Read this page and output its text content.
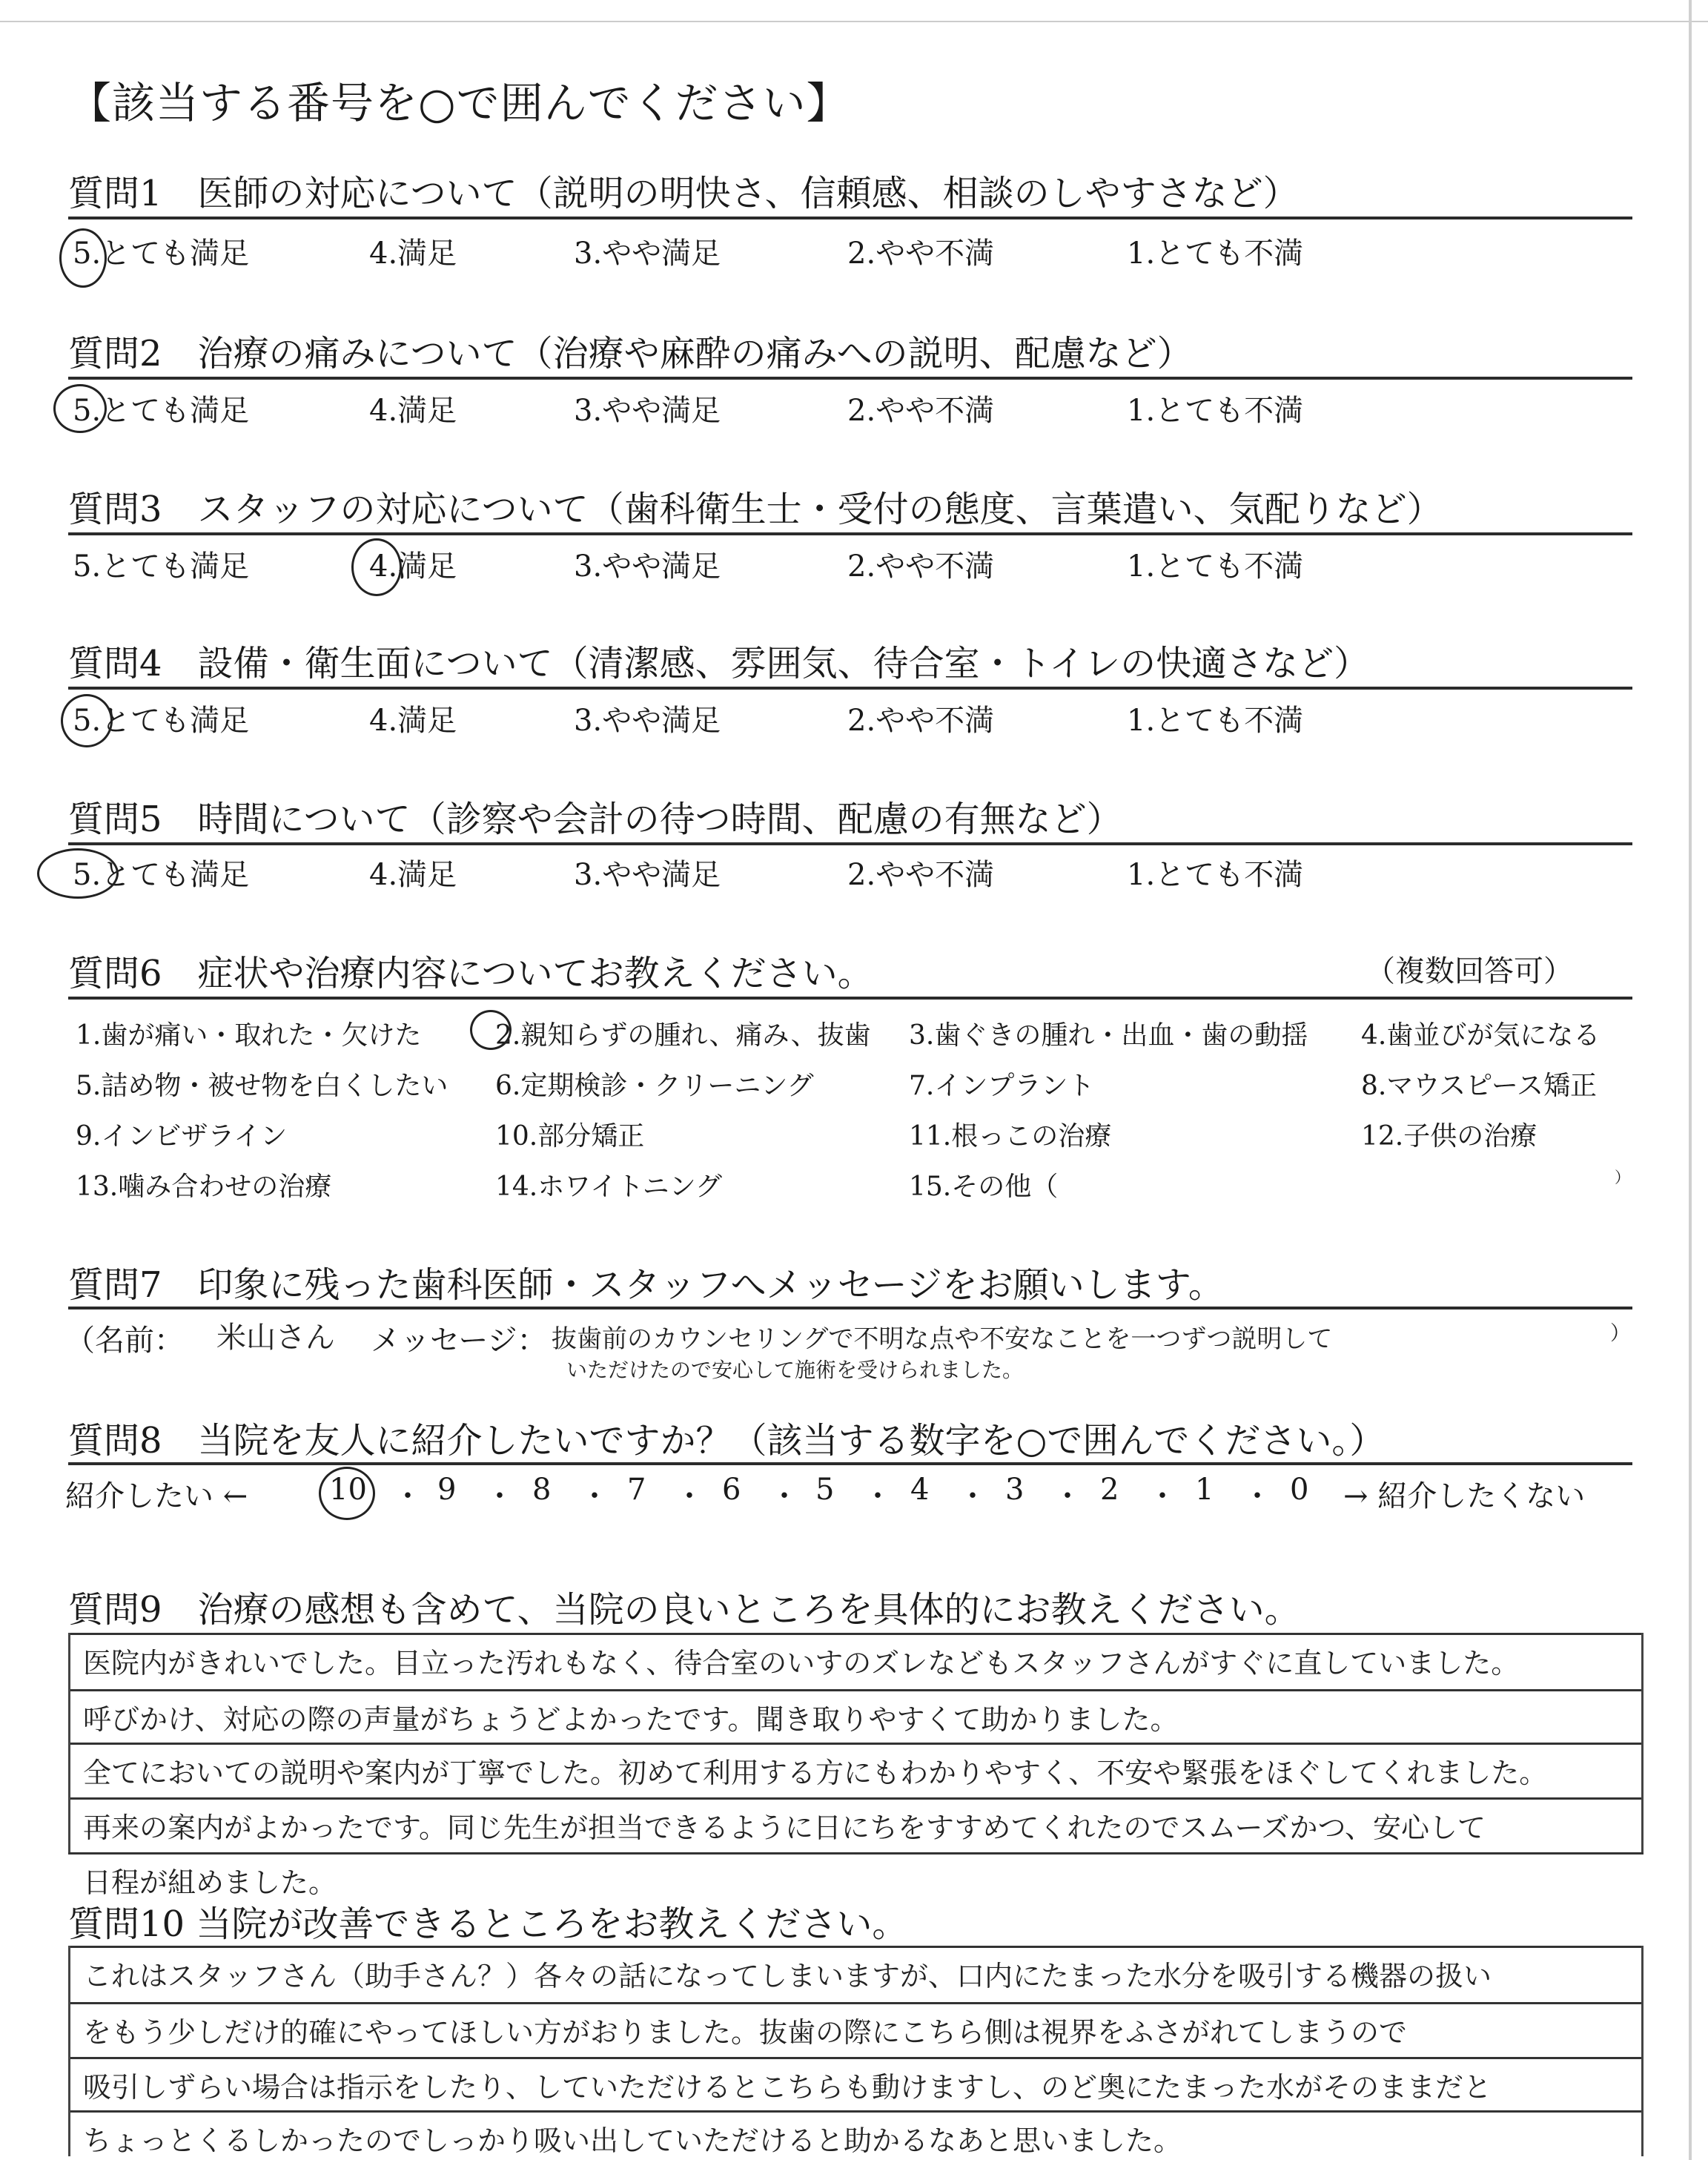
【該当する番号を○で囲んでください】
質問1　医師の対応について（説明の明快さ、信頼感、相談のしやすさなど）
5.とても満足	4.満足	3.やや満足	2.やや不満	1.とても不満
質問2　治療の痛みについて（治療や麻酔の痛みへの説明、配慮など）
5.とても満足	4.満足	3.やや満足	2.やや不満	1.とても不満
質問3　スタッフの対応について（歯科衛生士・受付の態度、言葉遣い、気配りなど）
5.とても満足	4.満足	3.やや満足	2.やや不満	1.とても不満
質問4　設備・衛生面について（清潔感、雰囲気、待合室・トイレの快適さなど）
5.とても満足	4.満足	3.やや満足	2.やや不満	1.とても不満
質問5　時間について（診察や会計の待つ時間、配慮の有無など）
5.とても満足	4.満足	3.やや満足	2.やや不満	1.とても不満
質問6　症状や治療内容についてお教えください。	（複数回答可）
1.歯が痛い・取れた・欠けた	2.親知らずの腫れ、痛み、抜歯 3.歯ぐきの腫れ・出血・歯の動揺 4.歯並びが気になる
5.詰め物・被せ物を白くしたい 6.定期検診・クリーニング	7.インプラント	8.マウスピース矯正
9.インビザライン	10.部分矯正	11.根っこの治療	12.子供の治療
13.噛み合わせの治療	14.ホワイトニング	15.その他（	）
質問7　印象に残った歯科医師・スタッフへメッセージをお願いします。
（名前： 米山さん メッセージ： 抜歯前のカウンセリングで不明な点や不安なことを一つずつ説明して
いただけたので安心して施術を受けられました。
）
質問8　当院を友人に紹介したいですか？（該当する数字を○で囲んでください。）
紹介したい ←	10 ・ 9 ・ 8 ・ 7 ・ 6 ・ 5 ・ 4 ・ 3 ・ 2 ・ 1 ・ 0 → 紹介したくない
質問9　治療の感想も含めて、当院の良いところを具体的にお教えください。
医院内がきれいでした。目立った汚れもなく、待合室のいすのズレなどもスタッフさんがすぐに直していました。
呼びかけ、対応の際の声量がちょうどよかったです。聞き取りやすくて助かりました。
全てにおいての説明や案内が丁寧でした。初めて利用する方にもわかりやすく、不安や緊張をほぐしてくれました。
再来の案内がよかったです。同じ先生が担当できるように日にちをすすめてくれたのでスムーズかつ、安心して
日程が組めました。
質問10 当院が改善できるところをお教えください。
これはスタッフさん（助手さん？）各々の話になってしまいますが、口内にたまった水分を吸引する機器の扱い
をもう少しだけ的確にやってほしい方がおりました。抜歯の際にこちら側は視界をふさがれてしまうので
吸引しずらい場合は指示をしたり、していただけるとこちらも動けますし、のど奥にたまった水がそのままだと
ちょっとくるしかったのでしっかり吸い出していただけると助かるなあと思いました。
